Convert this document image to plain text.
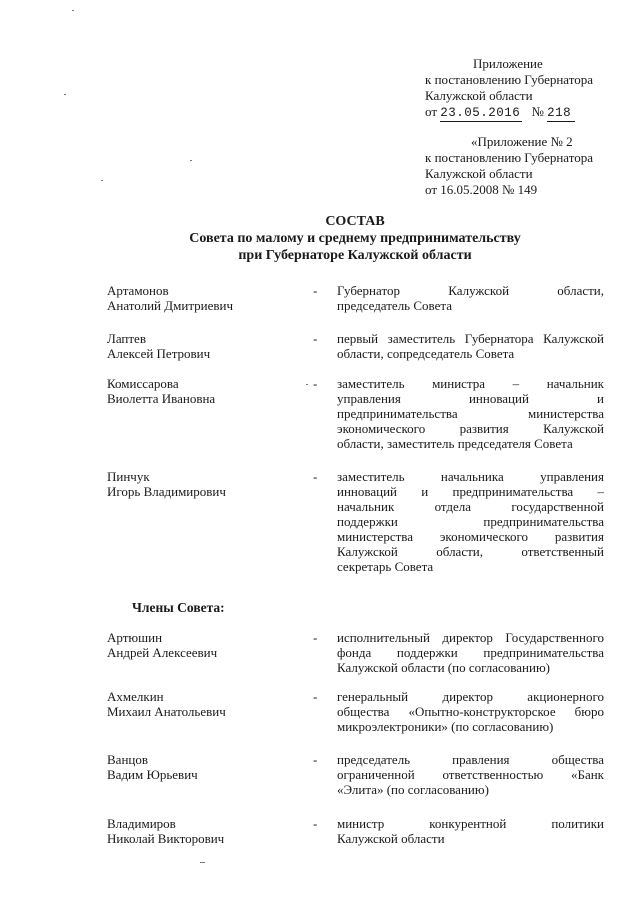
Приложение
к постановлению Губернатора
Калужской области
от 23.05.2016 № 218
«Приложение № 2
к постановлению Губернатора
Калужской области
от 16.05.2008 № 149
СОСТАВ
Совета по малому и среднему предпринимательству
при Губернаторе Калужской области
Артамонов
Анатолий Дмитриевич
- Губернатор Калужской области,
председатель Совета
Лаптев
Алексей Петрович
- первый заместитель Губернатора Калужской
области, сопредседатель Совета
Комиссарова
Виолетта Ивановна
- заместитель министра – начальник
управления инноваций и
предпринимательства министерства
экономического развития Калужской
области, заместитель председателя Совета
Пинчук
Игорь Владимирович
- заместитель начальника управления
инноваций и предпринимательства –
начальник отдела государственной
поддержки предпринимательства
министерства экономического развития
Калужской области, ответственный
секретарь Совета
Члены Совета:
Артюшин
Андрей Алексеевич
- исполнительный директор Государственного
фонда поддержки предпринимательства
Калужской области (по согласованию)
Ахмелкин
Михаил Анатольевич
- генеральный директор акционерного
общества «Опытно-конструкторское бюро
микроэлектроники» (по согласованию)
Ванцов
Вадим Юрьевич
- председатель правления общества
ограниченной ответственностью «Банк
«Элита» (по согласованию)
Владимиров
Николай Викторович
- министр конкурентной политики
Калужской области
